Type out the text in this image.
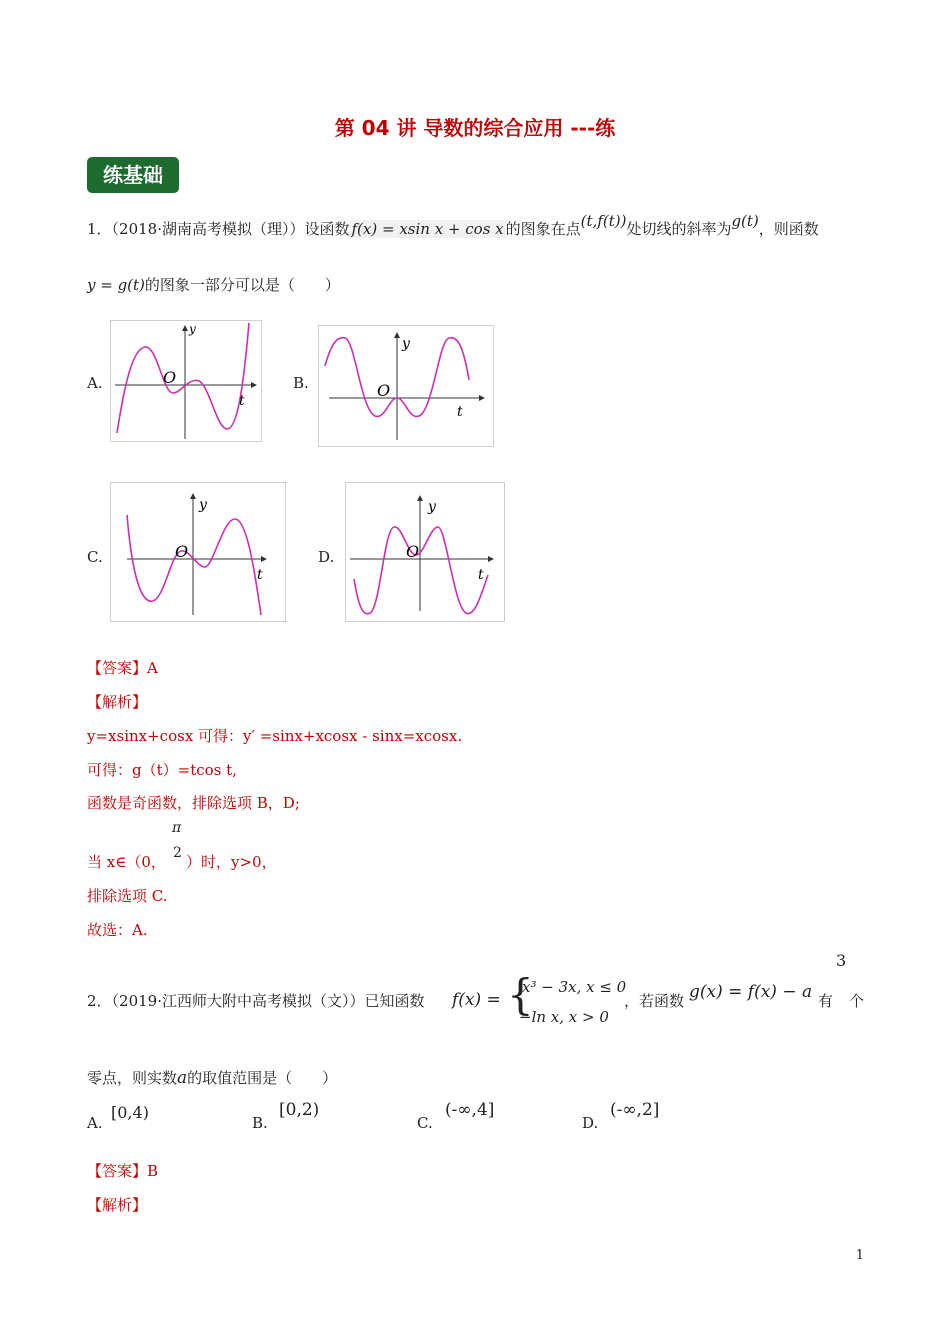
第 04 讲 导数的综合应用 ---练
练基础
1．（2018·湖南高考模拟（理））设函数 f(x) = xsin x + cos x 的图象在点(t,f(t))处切线的斜率为g(t)，则函数
y = g(t)的图象一部分可以是（　　）
A.
y
O
t
B.
y
O
t
C.
y
O
t
D.
y
O
t
【答案】A
【解析】
y=xsinx+cosx 可得：y′ =sinx+xcosx - sinx=xcosx.
可得：g（t）=tcos t,
函数是奇函数，排除选项 B，D;
当 x∈（0，
π
2 ）时，y>0，
排除选项 C.
故选：A.
3
2．（2019·江西师大附中高考模拟（文））已知函数 f(x) = {
x³ − 3x, x ≤ 0
−ln x, x > 0
，若函数 g(x) = f(x) − a 有 个
零点，则实数a的取值范围是（　　）
A.
[0,4)
B.
[0,2)
C.
(-∞,4]
D.
(-∞,2]
【答案】B
【解析】
1
